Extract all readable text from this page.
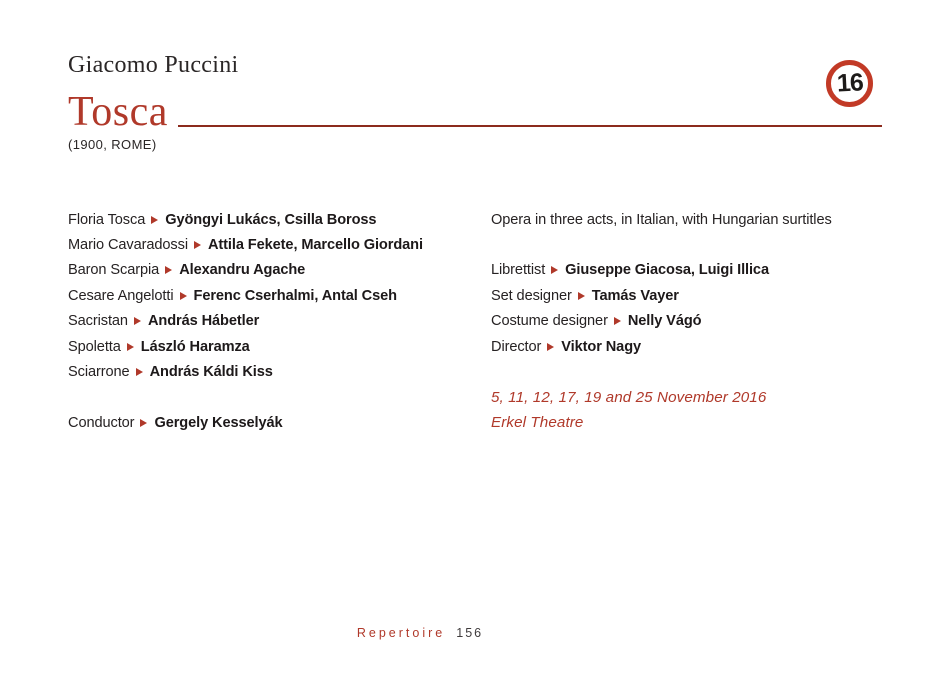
Giacomo Puccini
Tosca
(1900, ROME)
16
Floria Tosca Gyöngyi Lukács, Csilla Boross
Mario Cavaradossi Attila Fekete, Marcello Giordani
Baron Scarpia Alexandru Agache
Cesare Angelotti Ferenc Cserhalmi, Antal Cseh
Sacristan András Hábetler
Spoletta László Haramza
Sciarrone András Káldi Kiss
Conductor Gergely Kesselyák
Opera in three acts, in Italian, with Hungarian surtitles
Librettist Giuseppe Giacosa, Luigi Illica
Set designer Tamás Vayer
Costume designer Nelly Vágó
Director Viktor Nagy
5, 11, 12, 17, 19 and 25 November 2016
Erkel Theatre
Repertoire 156
